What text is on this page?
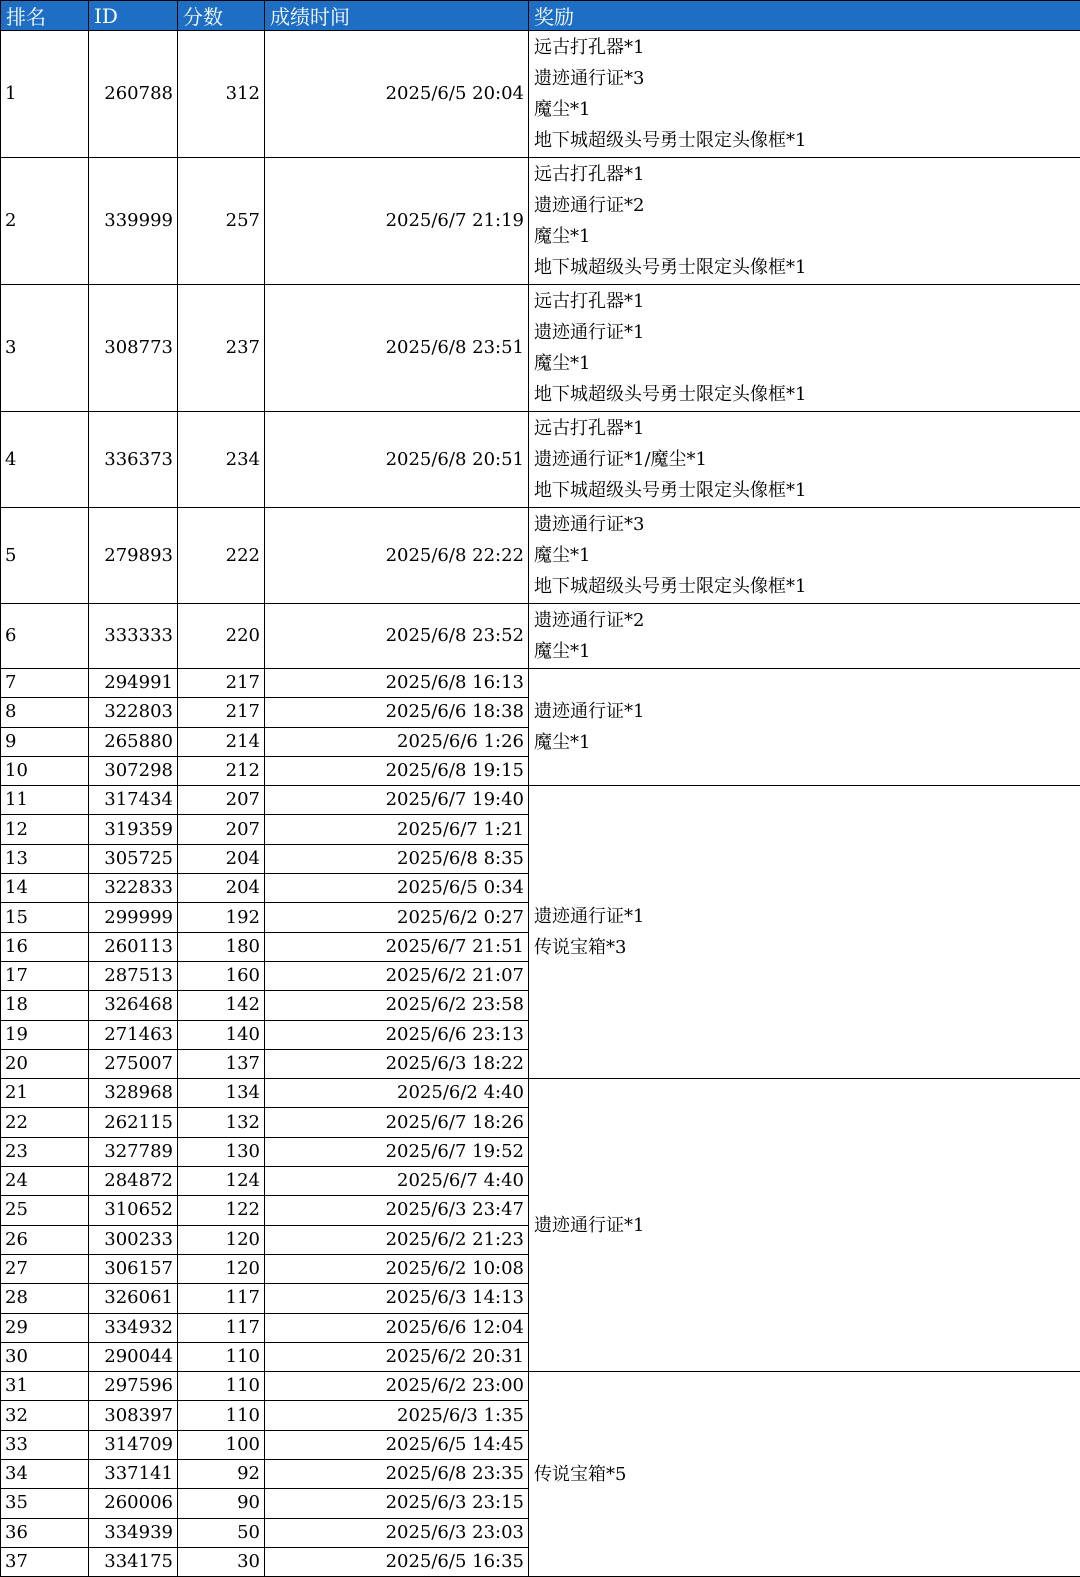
排名	ID	分数	成绩时间	奖励
1	260788	312	2025/6/5 20:04	远古打孔器*1
遗迹通行证*3
魔尘*1
地下城超级头号勇士限定头像框*1

2	339999	257	2025/6/7 21:19	远古打孔器*1
遗迹通行证*2
魔尘*1
地下城超级头号勇士限定头像框*1

3	308773	237	2025/6/8 23:51	远古打孔器*1
遗迹通行证*1
魔尘*1
地下城超级头号勇士限定头像框*1

4	336373	234	2025/6/8 20:51	远古打孔器*1
遗迹通行证*1/魔尘*1
地下城超级头号勇士限定头像框*1

5	279893	222	2025/6/8 22:22	遗迹通行证*3
魔尘*1
地下城超级头号勇士限定头像框*1

6	333333	220	2025/6/8 23:52	遗迹通行证*2
魔尘*1

7	294991	217	2025/6/8 16:13	遗迹通行证*1
魔尘*1

8	322803	217	2025/6/6 18:38	
9	265880	214	2025/6/6 1:26	
10	307298	212	2025/6/8 19:15	
11	317434	207	2025/6/7 19:40	遗迹通行证*1
传说宝箱*3

12	319359	207	2025/6/7 1:21	
13	305725	204	2025/6/8 8:35	
14	322833	204	2025/6/5 0:34	
15	299999	192	2025/6/2 0:27	
16	260113	180	2025/6/7 21:51	
17	287513	160	2025/6/2 21:07	
18	326468	142	2025/6/2 23:58	
19	271463	140	2025/6/6 23:13	
20	275007	137	2025/6/3 18:22	
21	328968	134	2025/6/2 4:40	遗迹通行证*1

22	262115	132	2025/6/7 18:26	
23	327789	130	2025/6/7 19:52	
24	284872	124	2025/6/7 4:40	
25	310652	122	2025/6/3 23:47	
26	300233	120	2025/6/2 21:23	
27	306157	120	2025/6/2 10:08	
28	326061	117	2025/6/3 14:13	
29	334932	117	2025/6/6 12:04	
30	290044	110	2025/6/2 20:31	
31	297596	110	2025/6/2 23:00	传说宝箱*5

32	308397	110	2025/6/3 1:35	
33	314709	100	2025/6/5 14:45	
34	337141	92	2025/6/8 23:35	
35	260006	90	2025/6/3 23:15	
36	334939	50	2025/6/3 23:03	
37	334175	30	2025/6/5 16:35	
